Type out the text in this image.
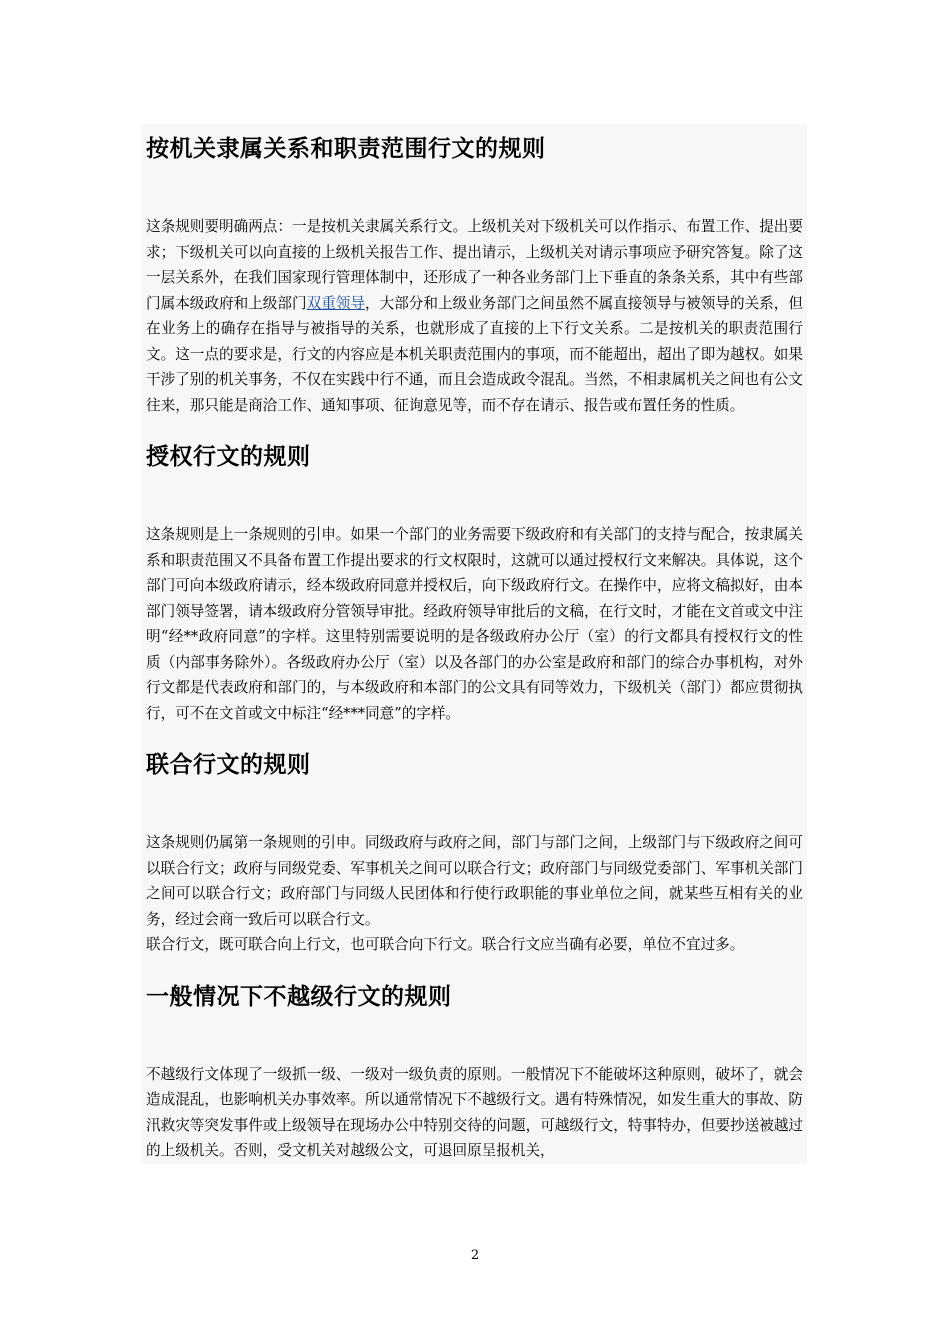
按机关隶属关系和职责范围行文的规则

这条规则要明确两点：一是按机关隶属关系行文。上级机关对下级机关可以作指示、布置工作、提出要求；下级机关可以向直接的上级机关报告工作、提出请示，上级机关对请示事项应予研究答复。除了这一层关系外，在我们国家现行管理体制中，还形成了一种各业务部门上下垂直的条条关系，其中有些部门属本级政府和上级部门双重领导，大部分和上级业务部门之间虽然不属直接领导与被领导的关系，但在业务上的确存在指导与被指导的关系，也就形成了直接的上下行文关系。二是按机关的职责范围行文。这一点的要求是，行文的内容应是本机关职责范围内的事项，而不能超出，超出了即为越权。如果干涉了别的机关事务，不仅在实践中行不通，而且会造成政令混乱。当然，不相隶属机关之间也有公文往来，那只能是商洽工作、通知事项、征询意见等，而不存在请示、报告或布置任务的性质。

授权行文的规则

这条规则是上一条规则的引申。如果一个部门的业务需要下级政府和有关部门的支持与配合，按隶属关系和职责范围又不具备布置工作提出要求的行文权限时，这就可以通过授权行文来解决。具体说，这个部门可向本级政府请示，经本级政府同意并授权后，向下级政府行文。在操作中，应将文稿拟好，由本部门领导签署，请本级政府分管领导审批。经政府领导审批后的文稿，在行文时，才能在文首或文中注明“经**政府同意”的字样。这里特别需要说明的是各级政府办公厅（室）的行文都具有授权行文的性质（内部事务除外）。各级政府办公厅（室）以及各部门的办公室是政府和部门的综合办事机构，对外行文都是代表政府和部门的，与本级政府和本部门的公文具有同等效力，下级机关（部门）都应贯彻执行，可不在文首或文中标注“经***同意”的字样。

联合行文的规则

这条规则仍属第一条规则的引申。同级政府与政府之间，部门与部门之间，上级部门与下级政府之间可以联合行文；政府与同级党委、军事机关之间可以联合行文；政府部门与同级党委部门、军事机关部门之间可以联合行文；政府部门与同级人民团体和行使行政职能的事业单位之间，就某些互相有关的业务，经过会商一致后可以联合行文。

联合行文，既可联合向上行文，也可联合向下行文。联合行文应当确有必要，单位不宜过多。

一般情况下不越级行文的规则

不越级行文体现了一级抓一级、一级对一级负责的原则。一般情况下不能破坏这种原则，破坏了，就会造成混乱，也影响机关办事效率。所以通常情况下不越级行文。遇有特殊情况，如发生重大的事故、防汛救灾等突发事件或上级领导在现场办公中特别交待的问题，可越级行文，特事特办，但要抄送被越过的上级机关。否则，受文机关对越级公文，可退回原呈报机关，

2
